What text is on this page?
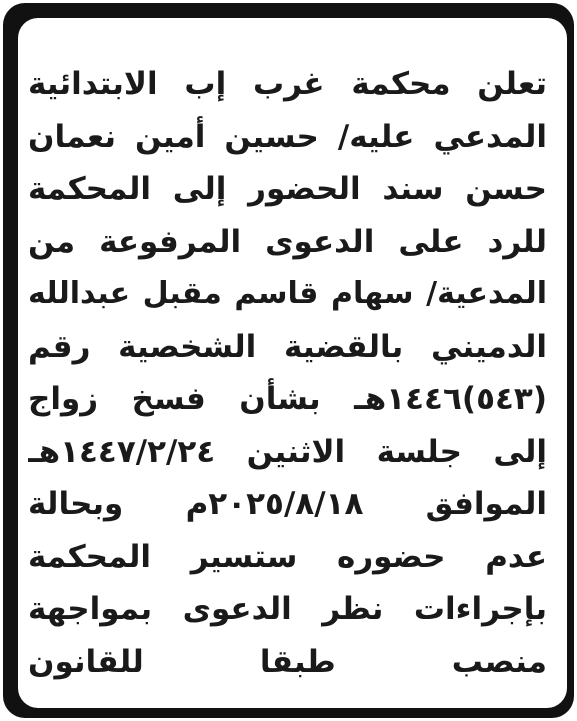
تعلن محكمة غرب إب الابتدائية
المدعي عليه/ حسين أمين نعمان
حسن سند الحضور إلى المحكمة
للرد على الدعوى المرفوعة من
المدعية/ سهام قاسم مقبل عبدالله
الدميني بالقضية الشخصية رقم
(٥٤٣)١٤٤٦هـ بشأن فسخ زواج
إلى جلسة الاثنين ١٤٤٧/٢/٢٤هـ
الموافق ٢٠٢٥/٨/١٨م وبحالة
عدم حضوره ستسير المحكمة
بإجراءات نظر الدعوى بمواجهة
منصب طبقا للقانون
